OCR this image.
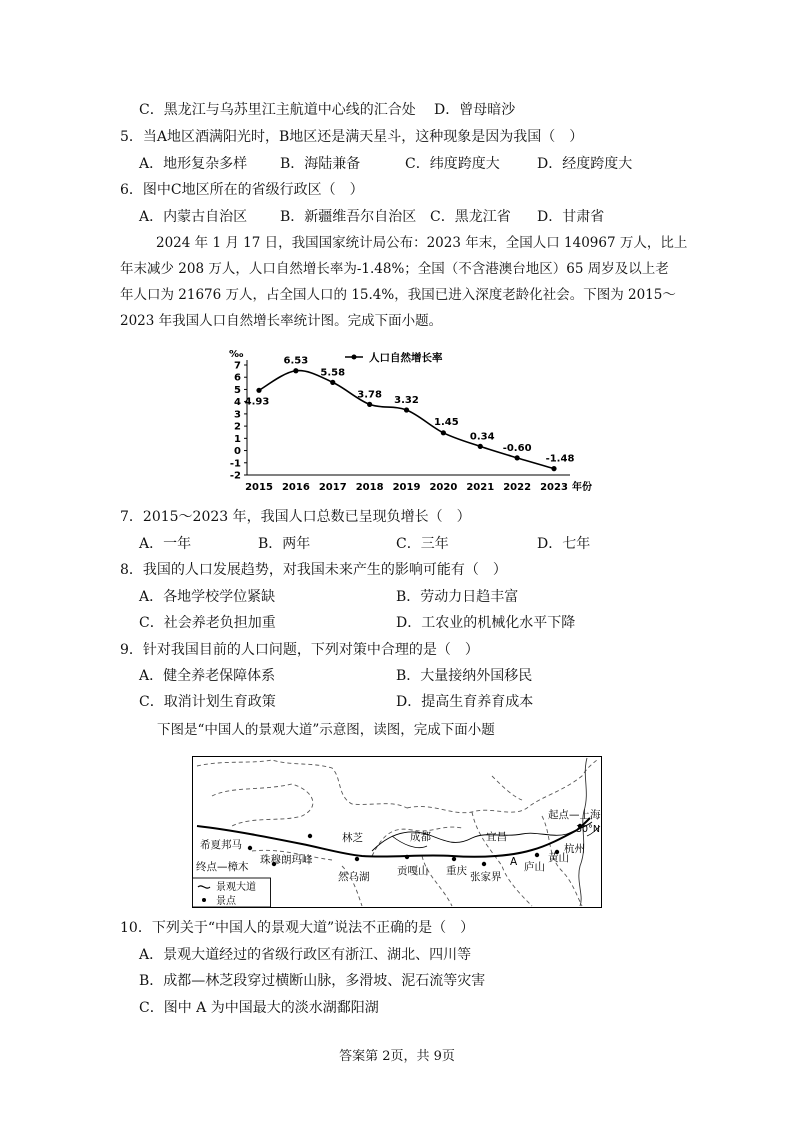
C．黑龙江与乌苏里江主航道中心线的汇合处 D．曾母暗沙
5．当A地区酒满阳光时，B地区还是满天星斗，这种现象是因为我国（　）
A．地形复杂多样 B．海陆兼备	C．纬度跨度大	D．经度跨度大
6．图中C地区所在的省级行政区（　）
A．内蒙古自治区 B．新疆维吾尔自治区 C．黑龙江省 D．甘肃省
2024 年 1 月 17 日，我国国家统计局公布：2023 年末，全国人口 140967 万人，比上
年末减少 208 万人，人口自然增长率为-1.48%；全国（不含港澳台地区）65 周岁及以上老
年人口为 21676 万人，占全国人口的 15.4%，我国已进入深度老龄化社会。下图为 2015～
2023 年我国人口自然增长率统计图。完成下面小题。
‰
7
6
5
4
3
2
1
0
-1
-2
2015 2016 2017 2018 2019 2020 2021 2022 2023 年份
人口自然增长率
4.93
6.53
5.58
3.78
3.32
1.45
0.34
-0.60
-1.48
7．2015～2023 年，我国人口总数已呈现负增长（　）
A．一年	B．两年	C．三年	D．七年
8．我国的人口发展趋势，对我国未来产生的影响可能有（　）
A．各地学校学位紧缺	B．劳动力日趋丰富
C．社会养老负担加重	D．工农业的机械化水平下降
9．针对我国目前的人口问题，下列对策中合理的是（　）
A．健全养老保障体系	B．大量接纳外国移民
C．取消计划生育政策	D．提高生育养育成本
下图是“中国人的景观大道”示意图，读图，完成下面小题
希夏邦马
终点—樟木
珠穆朗玛峰
林芝
然乌湖
成都
贡嘎山 重庆
宜昌
张家界
A 庐山
黄山
杭州
起点—上海
30°N
景观大道
景点
10．下列关于“中国人的景观大道”说法不正确的是（　）
A．景观大道经过的省级行政区有浙江、湖北、四川等
B．成都—林芝段穿过横断山脉，多滑坡、泥石流等灾害
C．图中 A 为中国最大的淡水湖鄱阳湖
答案第 2页，共 9页
